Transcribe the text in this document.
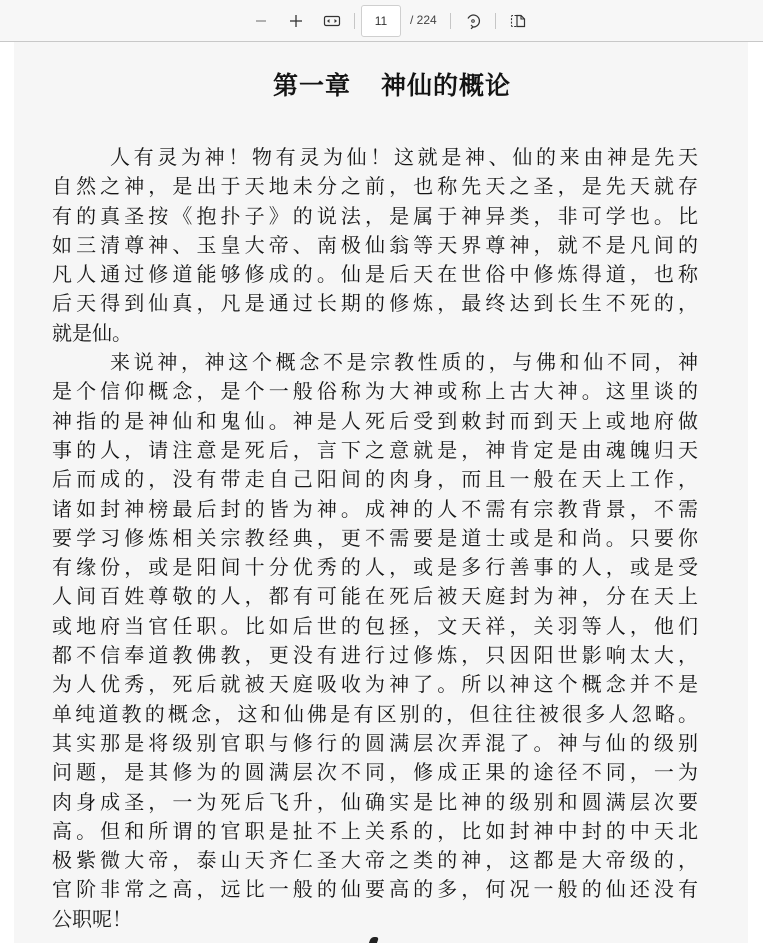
11	/ 224
第一章 神仙的概论
人有灵为神！物有灵为仙！这就是神、仙的来由神是先天
自然之神，是出于天地未分之前，也称先天之圣，是先天就存
有的真圣按《抱扑子》的说法，是属于神异类，非可学也。比
如三清尊神、玉皇大帝、南极仙翁等天界尊神，就不是凡间的
凡人通过修道能够修成的。仙是后天在世俗中修炼得道，也称
后天得到仙真，凡是通过长期的修炼，最终达到长生不死的，
就是仙。
来说神，神这个概念不是宗教性质的，与佛和仙不同，神
是个信仰概念，是个一般俗称为大神或称上古大神。这里谈的
神指的是神仙和鬼仙。神是人死后受到敕封而到天上或地府做
事的人，请注意是死后，言下之意就是，神肯定是由魂魄归天
后而成的，没有带走自己阳间的肉身，而且一般在天上工作，
诸如封神榜最后封的皆为神。成神的人不需有宗教背景，不需
要学习修炼相关宗教经典，更不需要是道士或是和尚。只要你
有缘份，或是阳间十分优秀的人，或是多行善事的人，或是受
人间百姓尊敬的人，都有可能在死后被天庭封为神，分在天上
或地府当官任职。比如后世的包拯，文天祥，关羽等人，他们
都不信奉道教佛教，更没有进行过修炼，只因阳世影响太大，
为人优秀，死后就被天庭吸收为神了。所以神这个概念并不是
单纯道教的概念，这和仙佛是有区别的，但往往被很多人忽略。
其实那是将级别官职与修行的圆满层次弄混了。神与仙的级别
问题，是其修为的圆满层次不同，修成正果的途径不同，一为
肉身成圣，一为死后飞升，仙确实是比神的级别和圆满层次要
高。但和所谓的官职是扯不上关系的，比如封神中封的中天北
极紫微大帝，泰山天齐仁圣大帝之类的神，这都是大帝级的，
官阶非常之高，远比一般的仙要高的多，何况一般的仙还没有
公职呢！
